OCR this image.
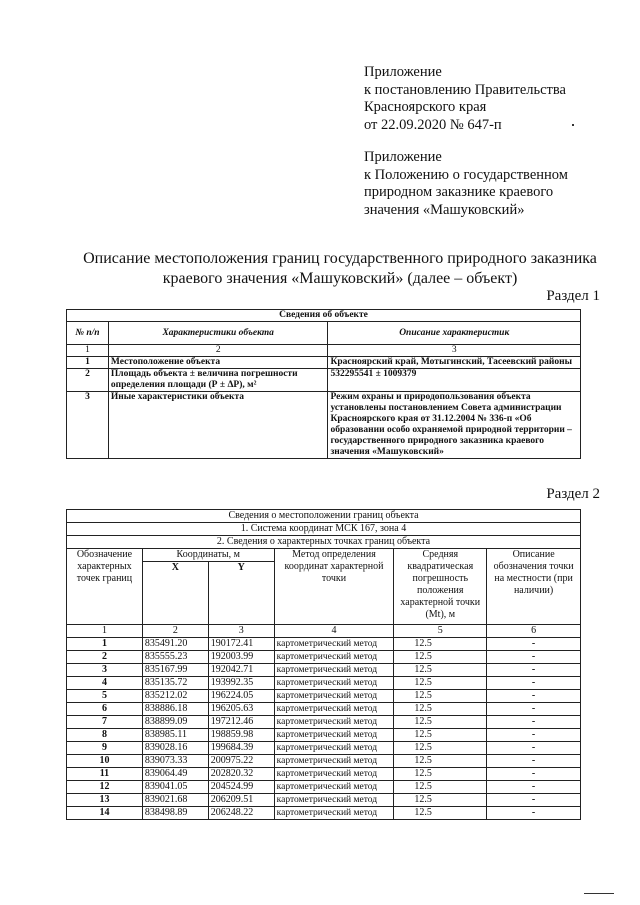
Приложение
к постановлению Правительства
Красноярского края
от 22.09.2020 № 647-п
Приложение
к Положению о государственном
природном заказнике краевого
значения «Машуковский»
Описание местоположения границ государственного природного заказника
краевого значения «Машуковский» (далее – объект)
Раздел 1
Сведения об объекте		
№ п/п	Характеристики объекта	Описание характеристик
1	2	3
1	Местоположение объекта	Красноярский край, Мотыгинский, Тасеевский районы
2	Площадь объекта ± величина погрешности определения площади (Р ± ΔР), м²	532295541 ± 1009379
3	Иные характеристики объекта	Режим охраны и природопользования объекта установлены постановлением Совета администрации Красноярского края от 31.12.2004 № 336-п «Об образовании особо охраняемой природной территории – государственного природного заказника краевого значения «Машуковский»
Раздел 2
Сведения о местоположении границ объекта					
1. Система координат МСК 167, зона 4					
2. Сведения о характерных точках границ объекта					
Обозначение характерных точек границ	Координаты, м		Метод определения координат характерной точки	Средняя квадратическая погрешность положения характерной точки (Mt), м	Описание обозначения точки на местности (при наличии)
	X	Y			
1	2	3	4	5	6
1	835491.20	190172.41	картометрический метод	12.5	-
2	835555.23	192003.99	картометрический метод	12.5	-
3	835167.99	192042.71	картометрический метод	12.5	-
4	835135.72	193992.35	картометрический метод	12.5	-
5	835212.02	196224.05	картометрический метод	12.5	-
6	838886.18	196205.63	картометрический метод	12.5	-
7	838899.09	197212.46	картометрический метод	12.5	-
8	838985.11	198859.98	картометрический метод	12.5	-
9	839028.16	199684.39	картометрический метод	12.5	-
10	839073.33	200975.22	картометрический метод	12.5	-
11	839064.49	202820.32	картометрический метод	12.5	-
12	839041.05	204524.99	картометрический метод	12.5	-
13	839021.68	206209.51	картометрический метод	12.5	-
14	838498.89	206248.22	картометрический метод	12.5	-
